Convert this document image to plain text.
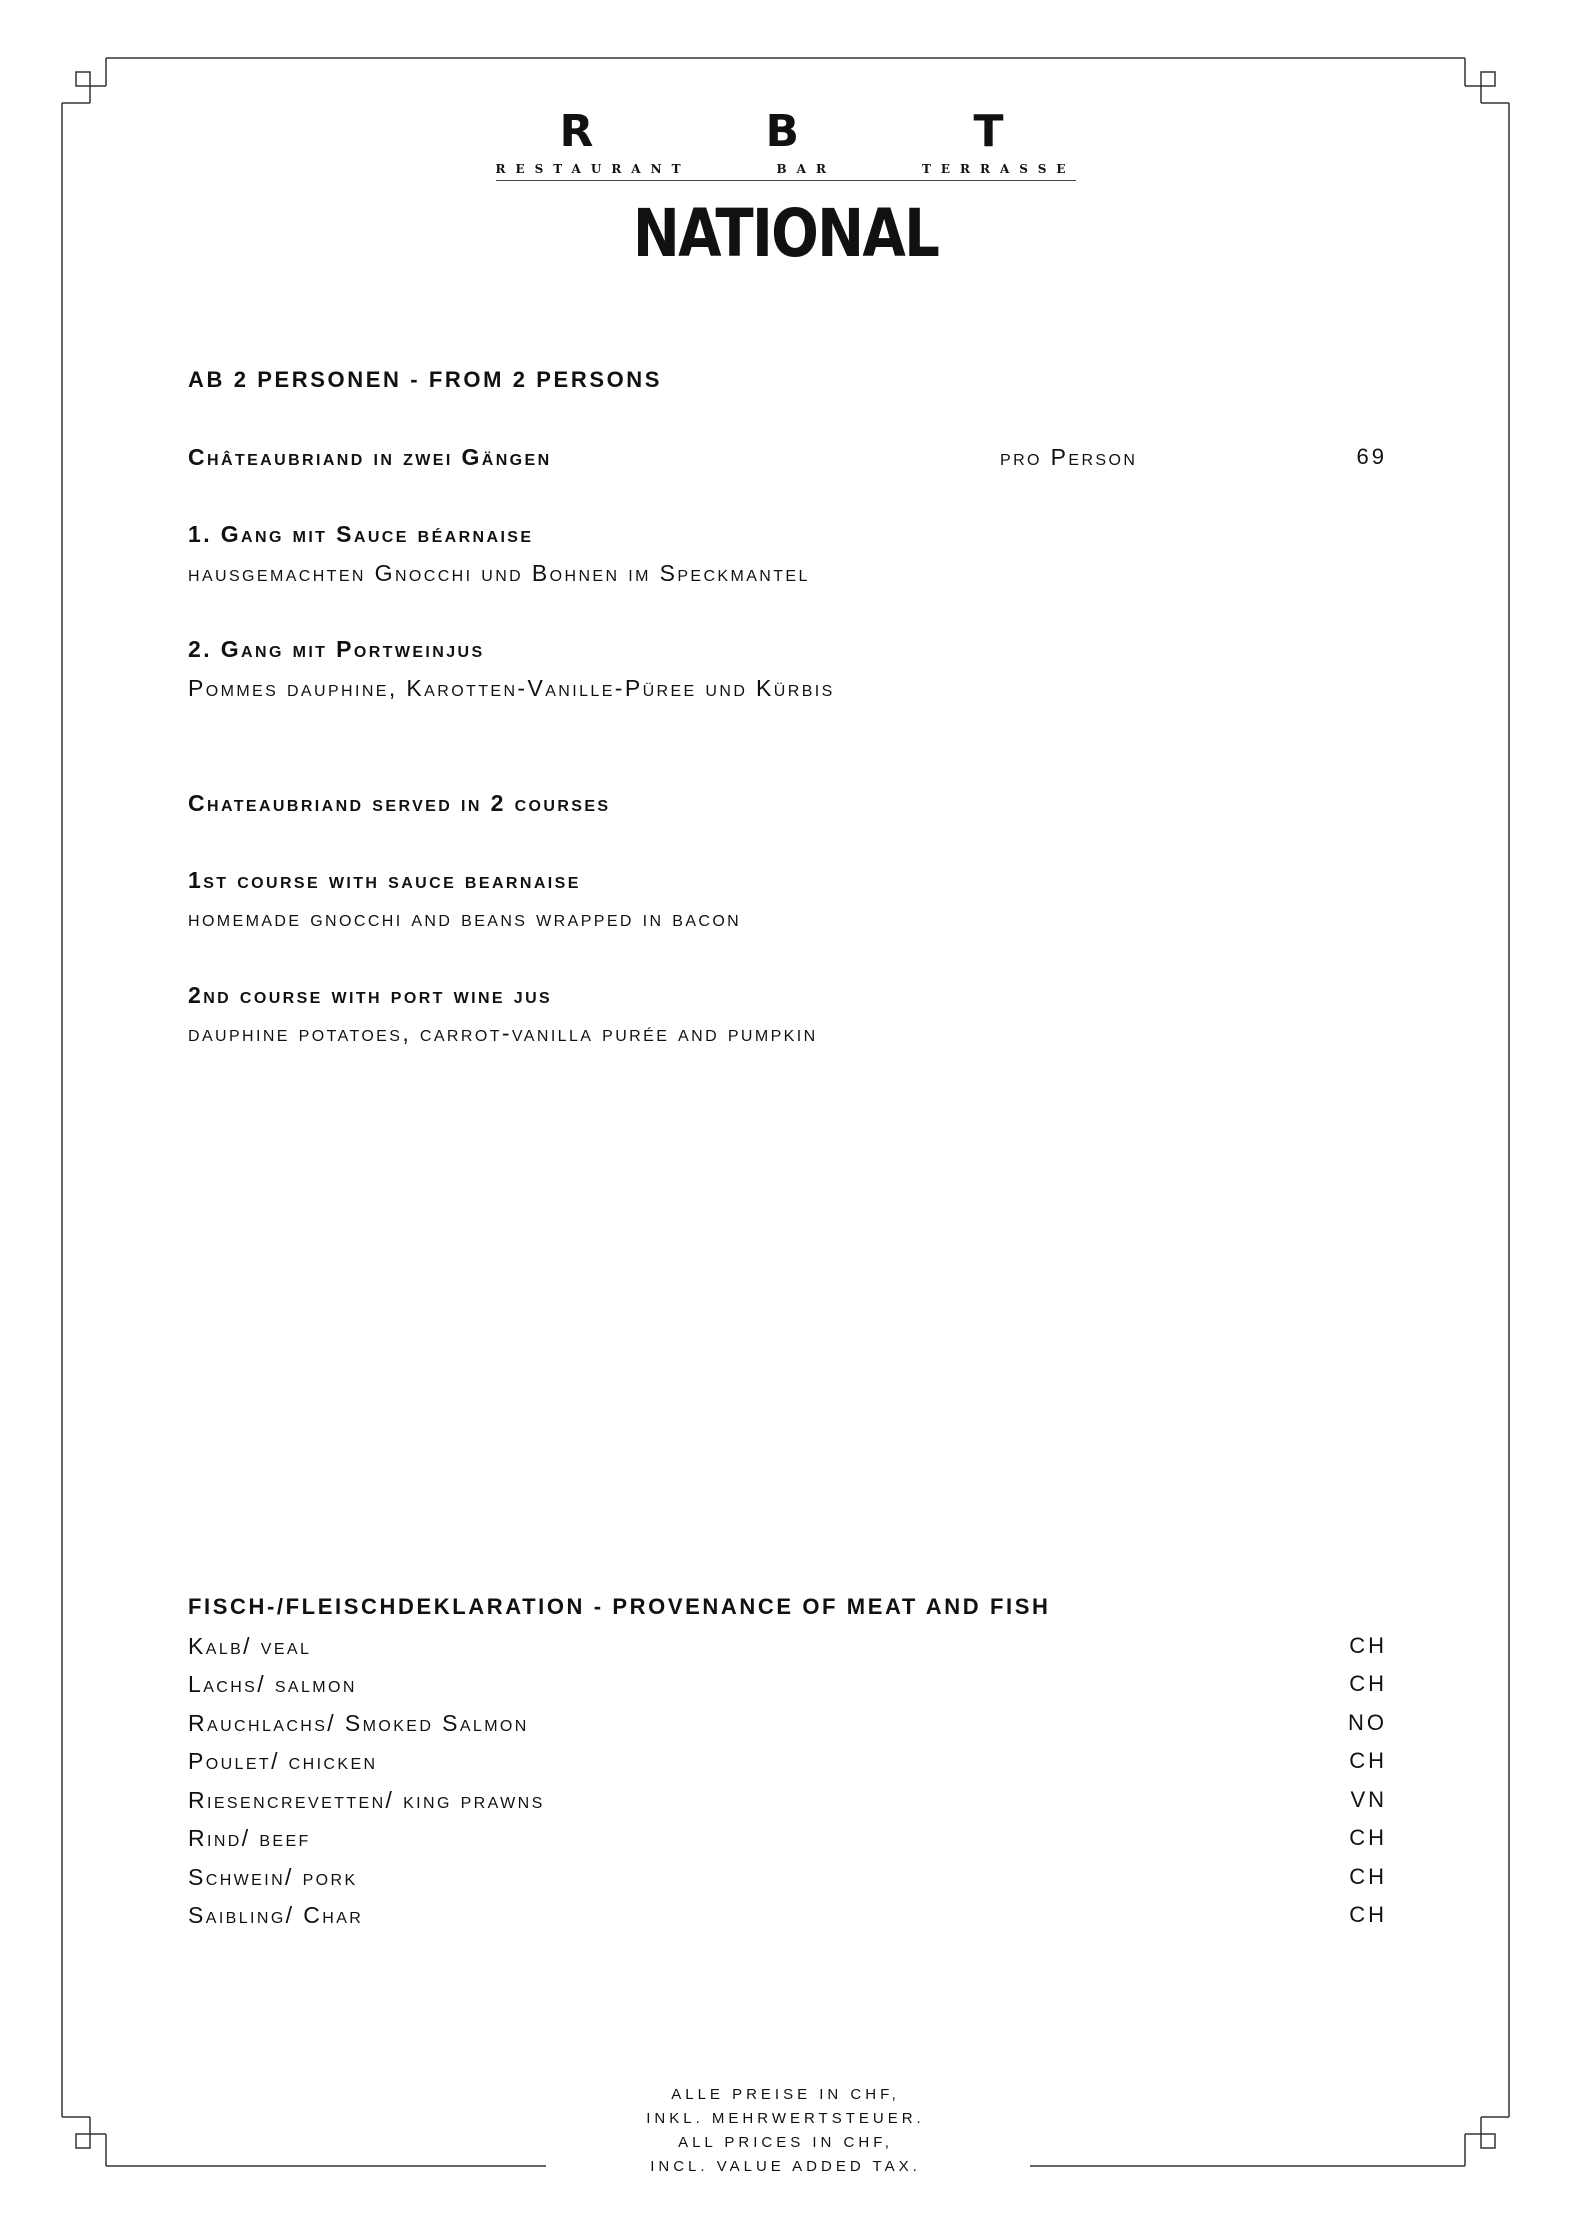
R	B	T
RESTAURANT	BAR	TERRASSE
NATIONAL
AB 2 PERSONEN - FROM 2 PERSONS
Châteaubriand in zwei Gängen	pro Person	69
1. Gang mit Sauce béarnaise
hausgemachten Gnocchi und Bohnen im Speckmantel
2. Gang mit Portweinjus
Pommes dauphine, Karotten-Vanille-Püree und Kürbis
Chateaubriand served in 2 courses
1st course with sauce bearnaise
homemade gnocchi and beans wrapped in bacon
2nd course with port wine jus
dauphine potatoes, carrot-vanilla purée and pumpkin
FISCH-/FLEISCHDEKLARATION - PROVENANCE OF MEAT AND FISH
Kalb/ veal	CH
Lachs/ salmon	CH
Rauchlachs/ Smoked Salmon	NO
Poulet/ chicken	CH
Riesencrevetten/ king prawns	VN
Rind/ beef	CH
Schwein/ pork	CH
Saibling/ Char	CH
ALLE PREISE IN CHF,
INKL. MEHRWERTSTEUER.
ALL PRICES IN CHF,
INCL. VALUE ADDED TAX.
